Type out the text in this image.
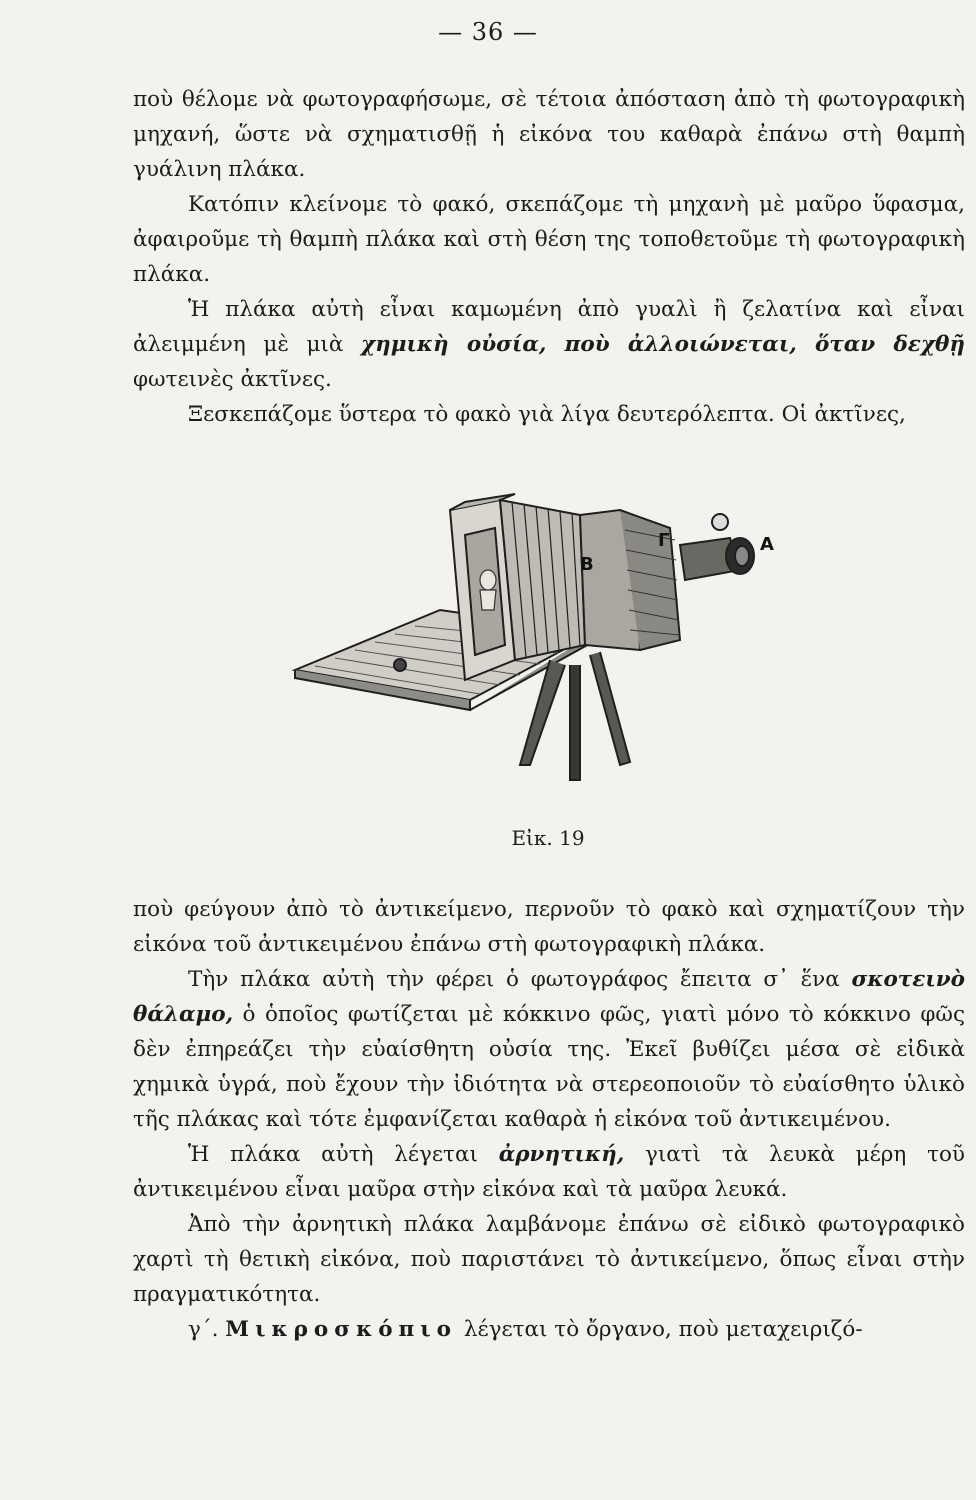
— 36 —

ποὺ θέλομε νὰ φωτογραφήσωμε, σὲ τέτοια ἀπόσταση ἀπὸ τὴ φωτογραφικὴ μηχανή, ὥστε νὰ σχηματισθῇ ἡ εἰκόνα του καθαρὰ ἐπάνω στὴ θαμπὴ γυάλινη πλάκα.

Κατόπιν κλείνομε τὸ φακό, σκεπάζομε τὴ μηχανὴ μὲ μαῦρο ὕφασμα, ἀφαιροῦμε τὴ θαμπὴ πλάκα καὶ στὴ θέση της τοποθετοῦμε τὴ φωτογραφικὴ πλάκα.

Ἡ πλάκα αὐτὴ εἶναι καμωμένη ἀπὸ γυαλὶ ἢ ζελατίνα καὶ εἶναι ἀλειμμένη μὲ μιὰ χημικὴ οὐσία, ποὺ ἀλλοιώνεται, ὅταν δεχθῇ φωτεινὲς ἀκτῖνες.

Ξεσκεπάζομε ὕστερα τὸ φακὸ γιὰ λίγα δευτερόλεπτα. Οἱ ἀκτῖνες,

Β
Γ	Α
Εἰκ. 19

ποὺ φεύγουν ἀπὸ τὸ ἀντικείμενο, περνοῦν τὸ φακὸ καὶ σχηματίζουν τὴν εἰκόνα τοῦ ἀντικειμένου ἐπάνω στὴ φωτογραφικὴ πλάκα.

Τὴν πλάκα αὐτὴ τὴν φέρει ὁ φωτογράφος ἔπειτα σ᾽ ἕνα σκοτεινὸ θάλαμο, ὁ ὁποῖος φωτίζεται μὲ κόκκινο φῶς, γιατὶ μόνο τὸ κόκκινο φῶς δὲν ἐπηρεάζει τὴν εὐαίσθητη οὐσία της. Ἐκεῖ βυθίζει μέσα σὲ εἰδικὰ χημικὰ ὑγρά, ποὺ ἔχουν τὴν ἰδιότητα νὰ στερεοποιοῦν τὸ εὐαίσθητο ὑλικὸ τῆς πλάκας καὶ τότε ἐμφανίζεται καθαρὰ ἡ εἰκόνα τοῦ ἀντικειμένου.

Ἡ πλάκα αὐτὴ λέγεται ἀρνητική, γιατὶ τὰ λευκὰ μέρη τοῦ ἀντικειμένου εἶναι μαῦρα στὴν εἰκόνα καὶ τὰ μαῦρα λευκά.

Ἀπὸ τὴν ἀρνητικὴ πλάκα λαμβάνομε ἐπάνω σὲ εἰδικὸ φωτογραφικὸ χαρτὶ τὴ θετικὴ εἰκόνα, ποὺ παριστάνει τὸ ἀντικείμενο, ὅπως εἶναι στὴν πραγματικότητα.

γ΄. Μικροσκόπιο λέγεται τὸ ὄργανο, ποὺ μεταχειριζό-
